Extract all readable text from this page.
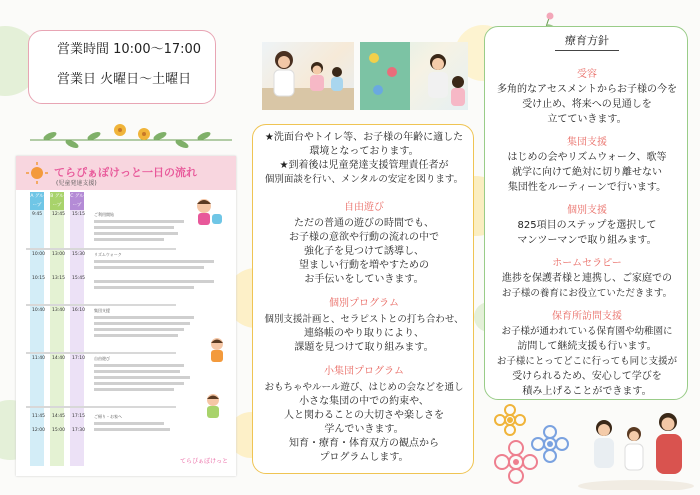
営業時間 10:00〜17:00
営業日 火曜日〜土曜日
てらぴぁぽけっと一日の流れ
(児童発達支援)
A グループ
B グループ
C グループ
9:45 12:45 15:15
10:00 13:00 15:30
10:15 13:15 15:45
10:40 13:40 16:10
11:40 14:40 17:10
11:45 14:45 17:15
12:00 15:00 17:30
ご利用開始
リズムウォーク
集団支援
自由遊び
ご帰り・お家へ
てらぴぁぽけっと
★洗面台やトイレ等、お子様の年齢に適した
環境となっております。
★到着後は児童発達支援管理責任者が
個別面談を行い、メンタルの安定を図ります。
自由遊び
ただの普通の遊びの時間でも、
お子様の意欲や行動の流れの中で
強化子を見つけて誘導し、
望ましい行動を増やすための
お手伝いをしていきます。
個別プログラム
個別支援計画と、セラピストとの打ち合わせ、
連絡帳のやり取りにより、
課題を見つけて取り組みます。
小集団プログラム
おもちゃやルール遊び、はじめの会などを通し
小さな集団の中での約束や、
人と関わることの大切さや楽しさを
学んでいきます。
知育・療育・体育双方の観点から
プログラムします。
療育方針
受容
多角的なアセスメントからお子様の今を
受け止め、将来への見通しを
立てていきます。
集団支援
はじめの会やリズムウォーク、歌等
就学に向けて絶対に切り離せない
集団性をルーティーンで行います。
個別支援
825項目のステップを選択して
マンツーマンで取り組みます。
ホームセラピー
進捗を保護者様と連携し、ご家庭での
お子様の養育にお役立ていただきます。
保育所訪問支援
お子様が通われている保育園や幼稚園に
訪問して継続支援も行います。
お子様にとってどこに行っても同じ支援が
受けられるため、安心して学びを
積み上げることができます。
